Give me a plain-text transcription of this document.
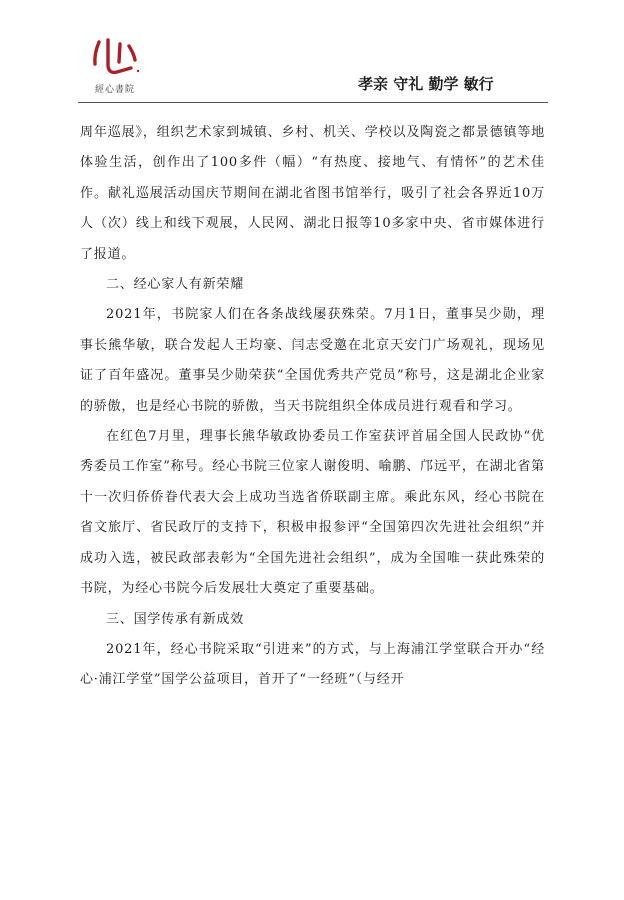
經心書院	孝亲 守礼 勤学 敏行

周年巡展》，组织艺术家到城镇、乡村、机关、学校以及陶瓷之都景德镇等地体验生活，创作出了100多件（幅）“有热度、接地气、有情怀”的艺术佳作。献礼巡展活动国庆节期间在湖北省图书馆举行，吸引了社会各界近10万人（次）线上和线下观展，人民网、湖北日报等10多家中央、省市媒体进行了报道。

二、经心家人有新荣耀

2021年，书院家人们在各条战线屡获殊荣。7月1日，董事吴少勋，理事长熊华敏，联合发起人王均豪、闫志受邀在北京天安门广场观礼，现场见证了百年盛况。董事吴少勋荣获“全国优秀共产党员”称号，这是湖北企业家的骄傲，也是经心书院的骄傲，当天书院组织全体成员进行观看和学习。

在红色7月里，理事长熊华敏政协委员工作室获评首届全国人民政协“优秀委员工作室”称号。经心书院三位家人谢俊明、喻鹏、邝远平，在湖北省第十一次归侨侨眷代表大会上成功当选省侨联副主席。乘此东风，经心书院在省文旅厅、省民政厅的支持下，积极申报参评“全国第四次先进社会组织”并成功入选，被民政部表彰为“全国先进社会组织”，成为全国唯一获此殊荣的书院，为经心书院今后发展壮大奠定了重要基础。

三、国学传承有新成效

2021年，经心书院采取“引进来”的方式，与上海浦江学堂联合开办“经心·浦江学堂”国学公益项目，首开了“一经班”（与经开
